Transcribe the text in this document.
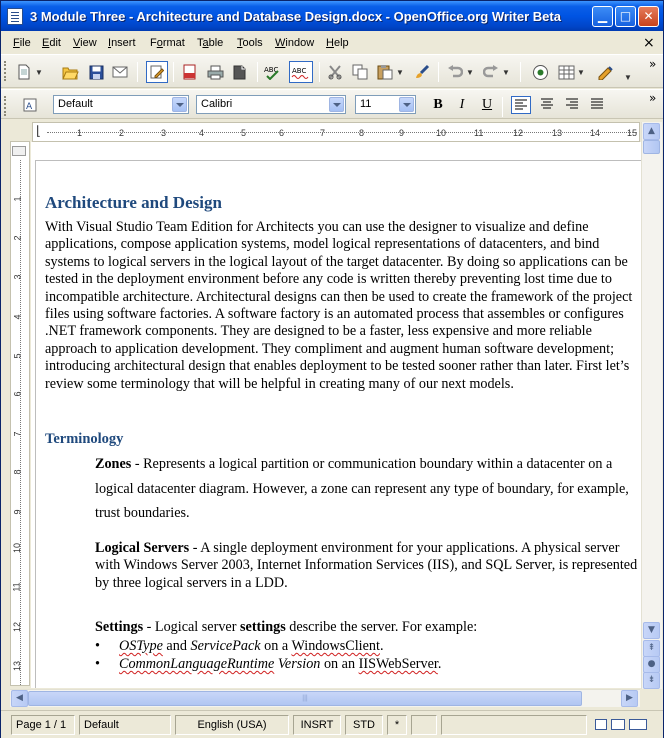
3 Module Three - Architecture and Database Design.docx - OpenOffice.org Writer Beta	▁	□	✕
File Edit View Insert Format Table Tools Window Help	×
▼	ABC ABC	▼	▼	▼	▼
▼
»
A	Default	Calibri	11	B	I	U	»
⌊	1	2	3	4	5	6	7	8	9	10	11	12	13	14	15
1
2
3
4
5
6
7
8
9
10
11
12
13
Architecture and Design
With Visual Studio Team Edition for Architects you can use the designer to visualize and define applications, compose application systems, model logical representations of datacenters, and bind systems to logical servers in the logical layout of the target datacenter. By doing so applications can be tested in the deployment environment before any code is written thereby preventing lost time due to incompatible architecture. Architectural designs can then be used to create the framework of the project files using software factories. A software factory is an automated process that assembles or configures .NET framework components. They are designed to be a faster, less expensive and more reliable approach to application development. They compliment and augment human software development; introducing architectural design that enables deployment to be tested sooner rather than later. First let’s review some terminology that will be helpful in creating many of our next models.
Terminology
Zones - Represents a logical partition or communication boundary within a datacenter on a logical datacenter diagram. However, a zone can represent any type of boundary, for example, trust boundaries.
Logical Servers - A single deployment environment for your applications. A physical server with Windows Server 2003, Internet Information Services (IIS), and SQL Server, is represented by three logical servers in a LDD.
Settings - Logical server settings describe the server. For example:
• OSType and ServicePack on a WindowsClient.
• CommonLanguageRuntime Version on an IISWebServer.
▲
▼
⇞
●
⇟
◀	|||	▶
Page 1 / 1	Default	English (USA)	INSRT	STD	*
